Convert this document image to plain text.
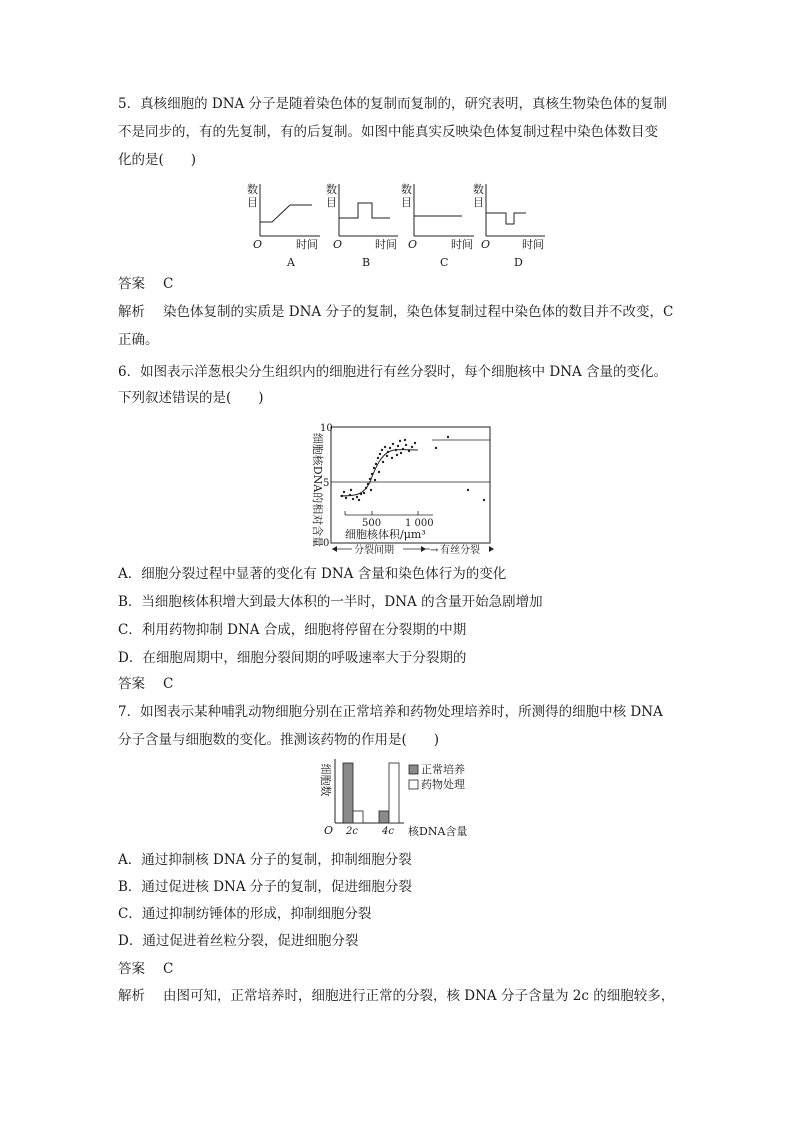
5．真核细胞的 DNA 分子是随着染色体的复制而复制的，研究表明，真核生物染色体的复制
不是同步的，有的先复制，有的后复制。如图中能真实反映染色体复制过程中染色体数目变
化的是(　　)
数
目
O	时间
A
数
目
O	时间
B
数
目
O	时间
C
数
目
O	时间
D
答案 C
解析 染色体复制的实质是 DNA 分子的复制，染色体复制过程中染色体的数目并不改变，C
正确。
6．如图表示洋葱根尖分生组织内的细胞进行有丝分裂时，每个细胞核中 DNA 含量的变化。
下列叙述错误的是(　　)
细胞核DNA的相对含量
10
5
0
500 1 000
细胞核体积/μm³
分裂间期	→ 有丝分裂
A．细胞分裂过程中显著的变化有 DNA 含量和染色体行为的变化
B．当细胞核体积增大到最大体积的一半时，DNA 的含量开始急剧增加
C．利用药物抑制 DNA 合成，细胞将停留在分裂期的中期
D．在细胞周期中，细胞分裂间期的呼吸速率大于分裂期的
答案 C
7．如图表示某种哺乳动物细胞分别在正常培养和药物处理培养时，所测得的细胞中核 DNA
分子含量与细胞数的变化。推测该药物的作用是(　　)
细胞数
O 2c 4c 核DNA含量
正常培养
药物处理
A．通过抑制核 DNA 分子的复制，抑制细胞分裂
B．通过促进核 DNA 分子的复制，促进细胞分裂
C．通过抑制纺锤体的形成，抑制细胞分裂
D．通过促进着丝粒分裂，促进细胞分裂
答案 C
解析 由图可知，正常培养时，细胞进行正常的分裂，核 DNA 分子含量为 2c 的细胞较多，
